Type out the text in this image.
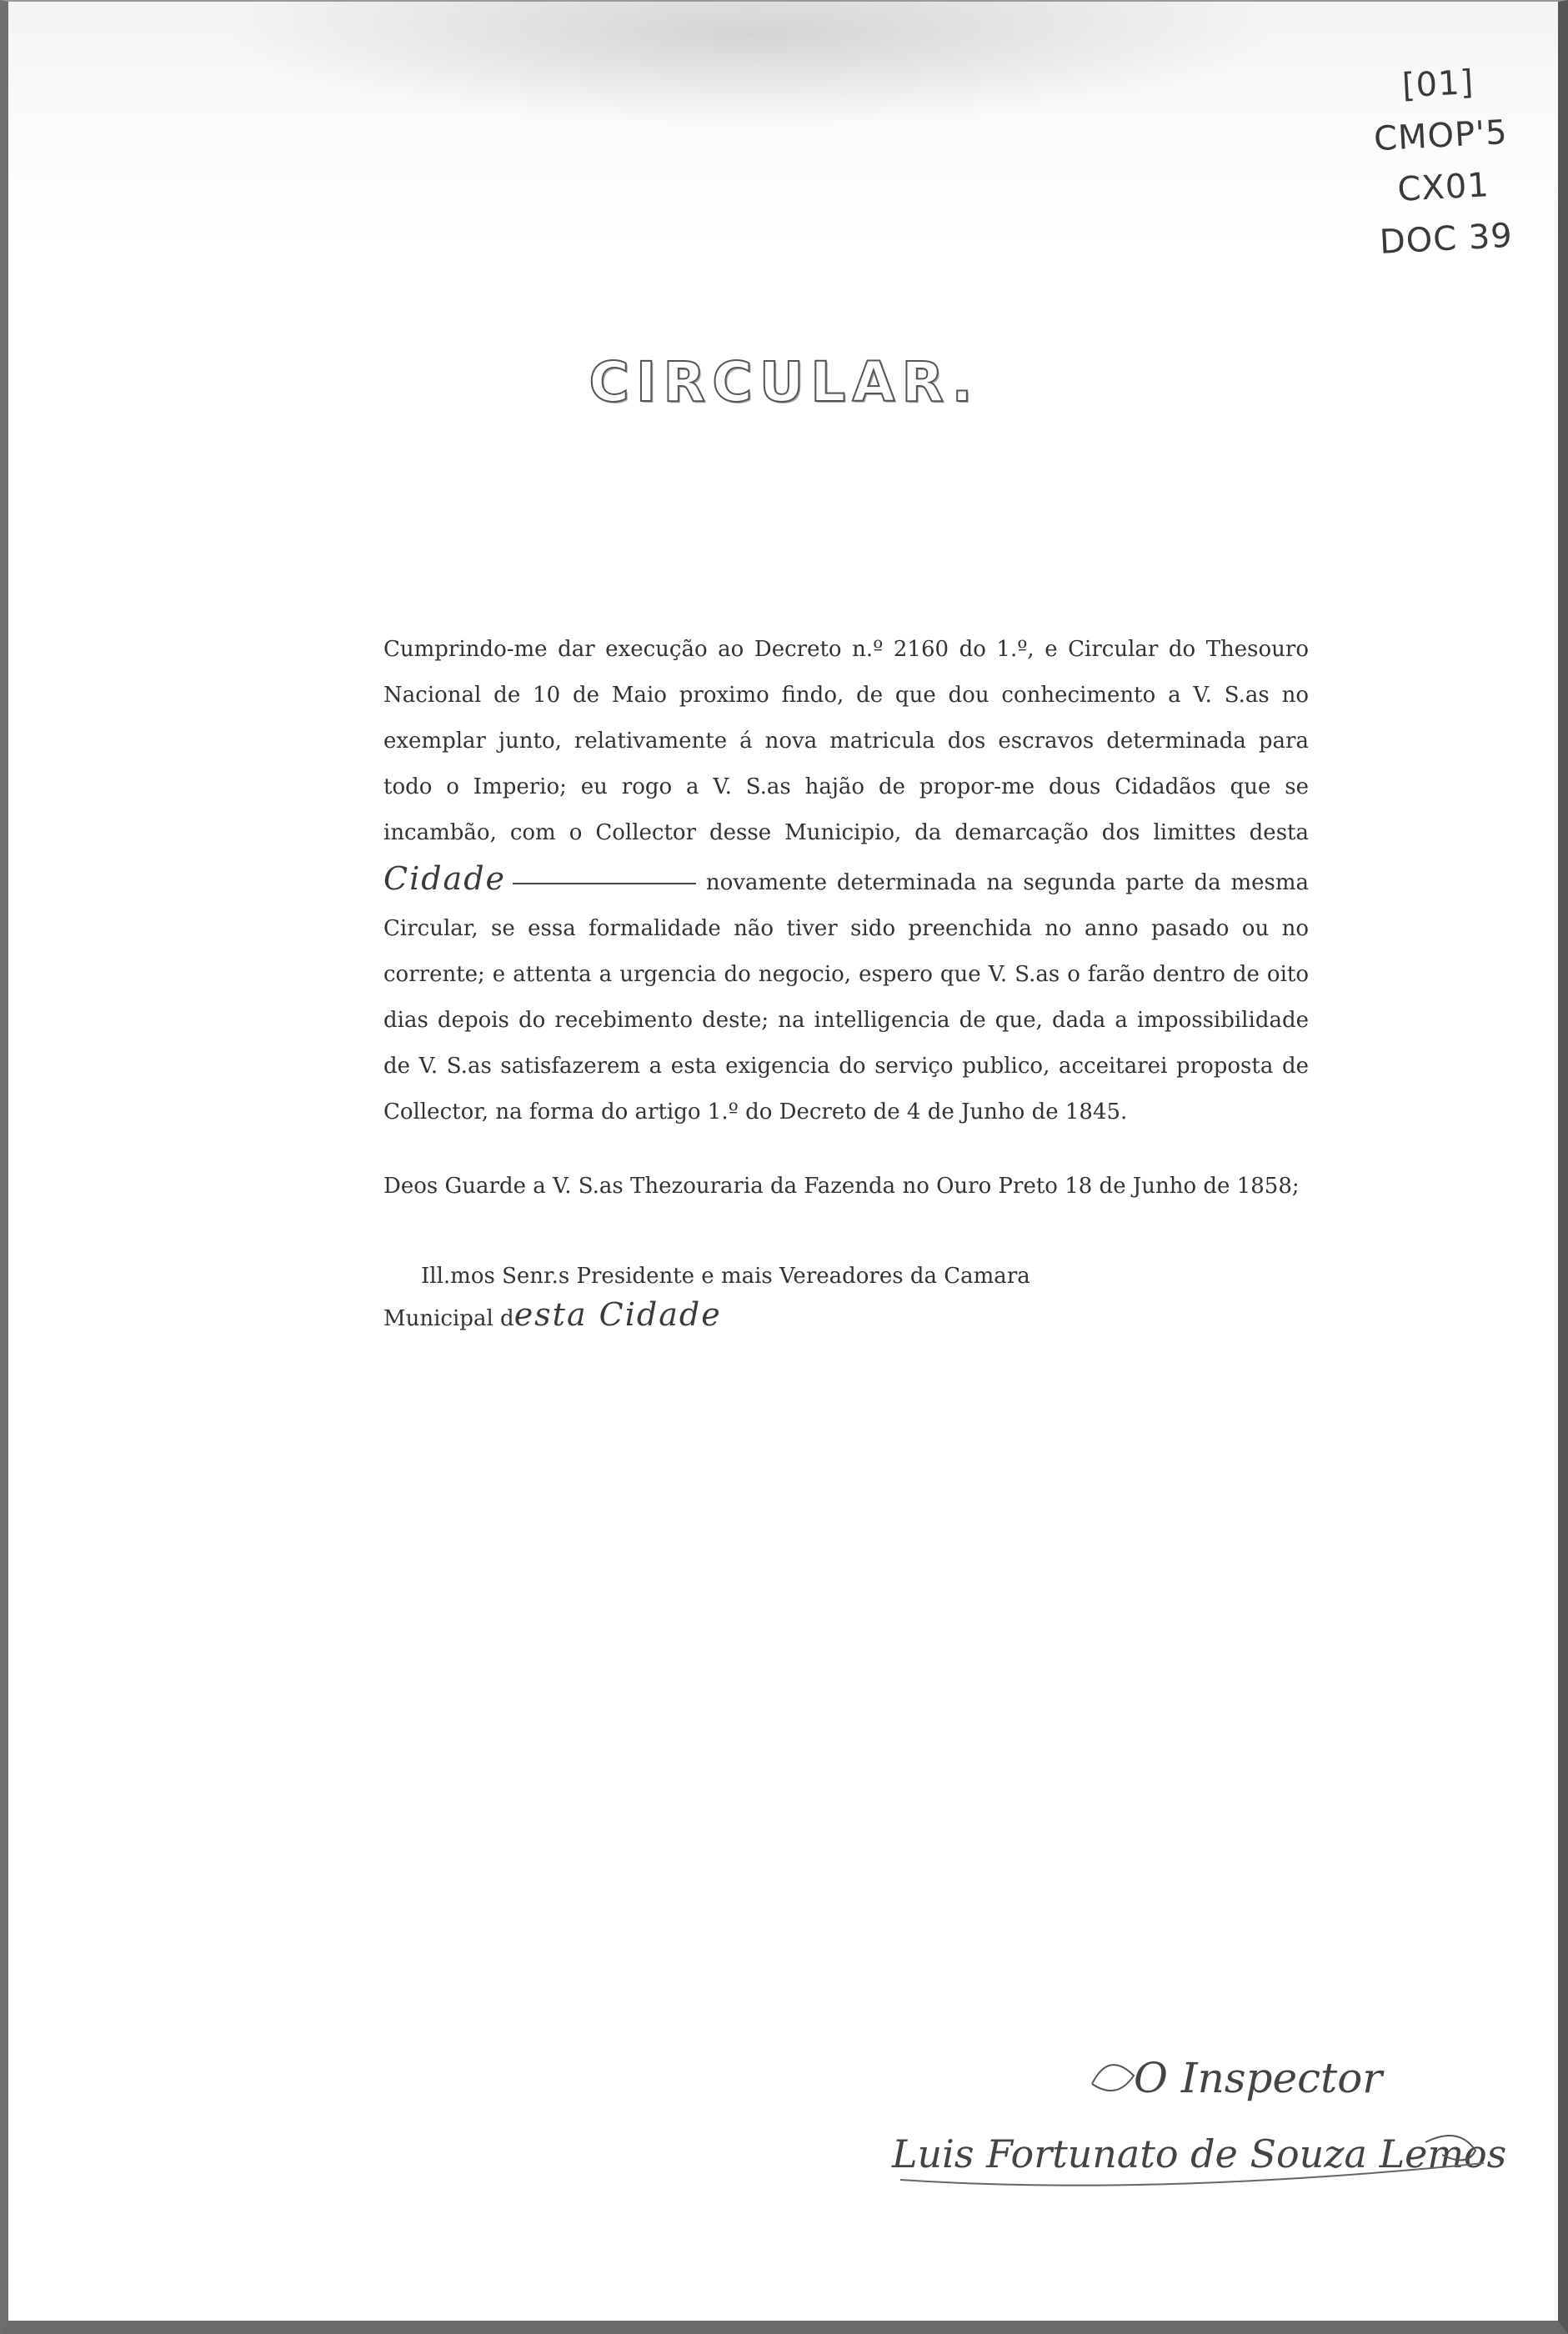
[01]
CMOP'5
CX01
DOC 39
CIRCULAR.

Cumprindo-me dar execução ao Decreto n.º 2160 do 1.º, e Circular do Thesouro Nacional de 10 de Maio proximo findo, de que dou conhecimento a V. S.as no exemplar junto, relativamente á nova matricula dos escravos determinada para todo o Imperio; eu rogo a V. S.as hajão de propor-me dous Cidadãos que se incambão, com o Collector desse Municipio, da demarcação dos limittes desta Cidade	novamente determinada na segunda parte da mesma Circular, se essa formalidade não tiver sido preenchida no anno pasado ou no corrente; e attenta a urgencia do negocio, espero que V. S.as o farão dentro de oito dias depois do recebimento deste; na intelligencia de que, dada a impossibilidade de V. S.as satisfazerem a esta exigencia do serviço publico, acceitarei proposta de Collector, na forma do artigo 1.º do Decreto de 4 de Junho de 1845.

Deos Guarde a V. S.as Thezouraria da Fazenda no Ouro Preto 18 de Junho de 1858;
Ill.mos Senr.s Presidente e mais Vereadores da Camara
Municipal desta Cidade
O Inspector
Luis Fortunato de Souza Lemos
